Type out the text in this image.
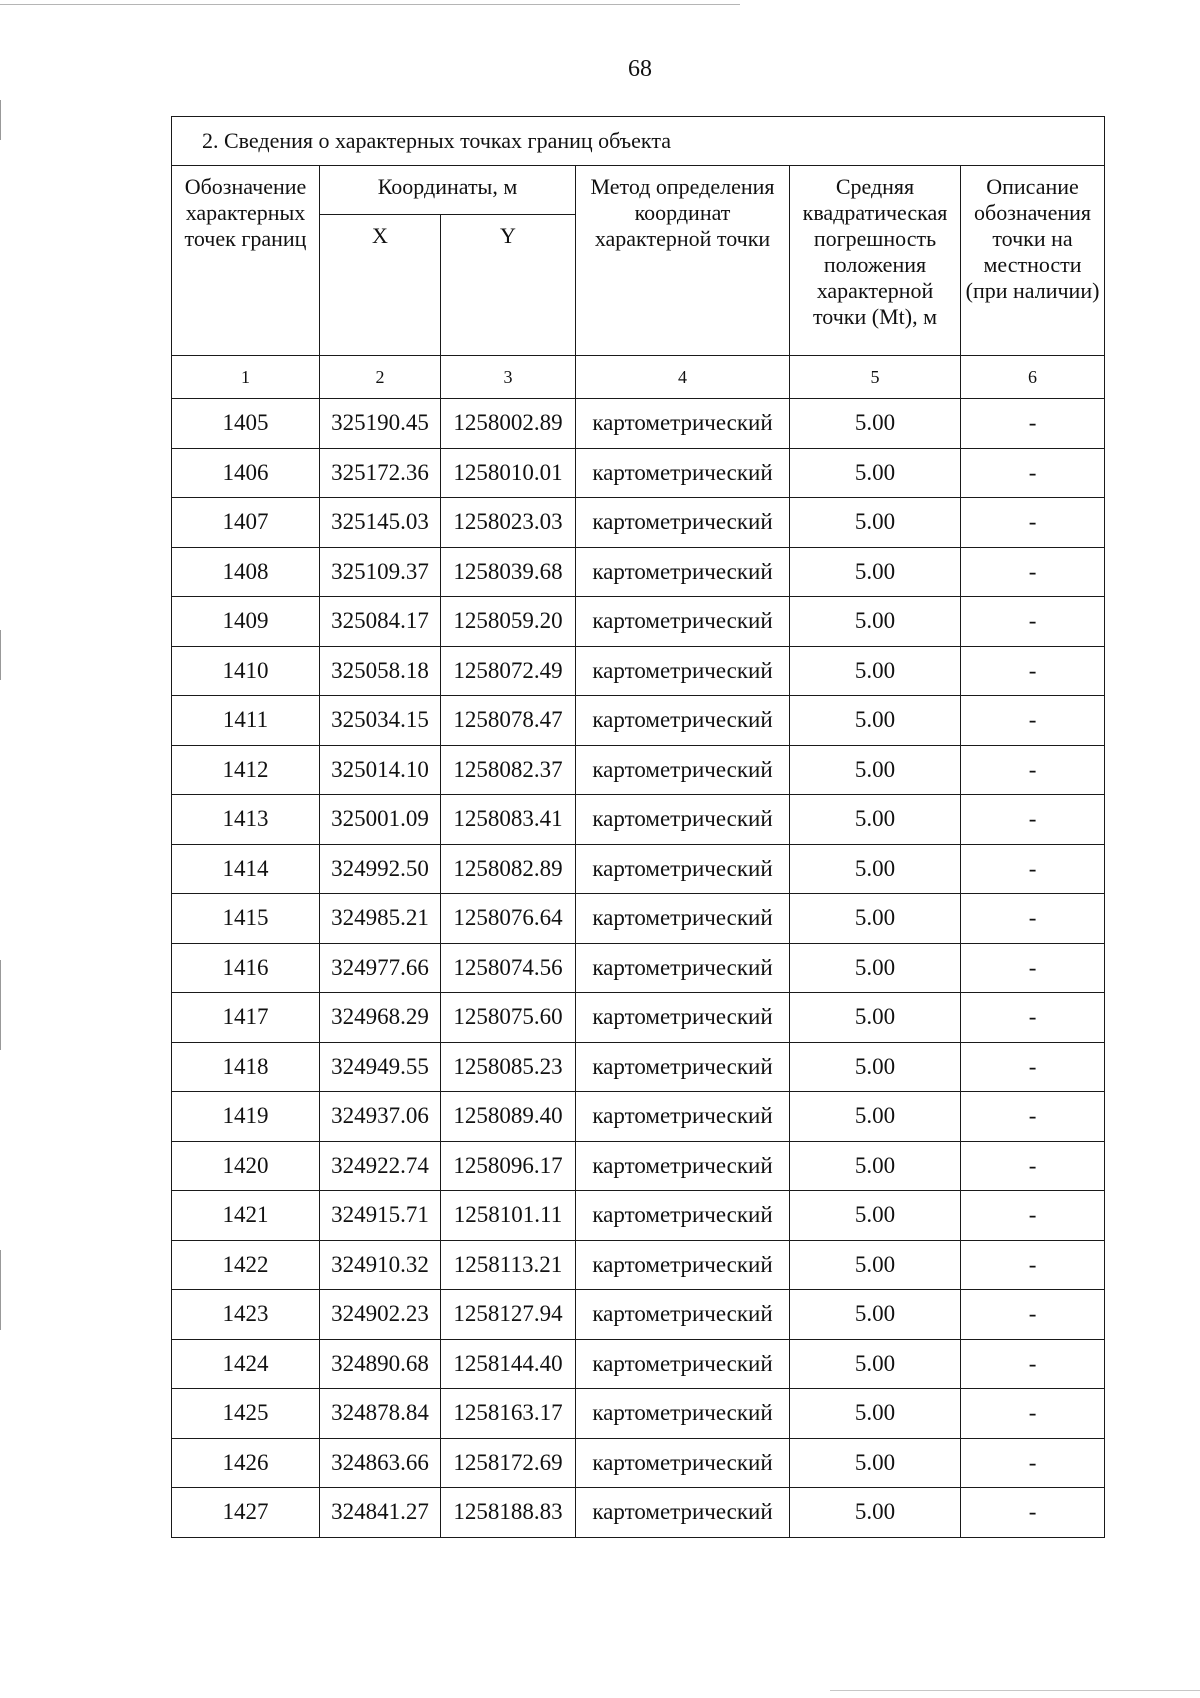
68
2. Сведения о характерных точках границ объекта					
Обозначение характерных точек границ	Координаты, м		Метод определения координат характерной точки	Средняя квадратическая погрешность положения характерной точки (Mt), м	Описание обозначения точки на местности (при наличии)
	X	Y			
1	2	3	4	5	6
1405	325190.45	1258002.89	картометрический	5.00	-
1406	325172.36	1258010.01	картометрический	5.00	-
1407	325145.03	1258023.03	картометрический	5.00	-
1408	325109.37	1258039.68	картометрический	5.00	-
1409	325084.17	1258059.20	картометрический	5.00	-
1410	325058.18	1258072.49	картометрический	5.00	-
1411	325034.15	1258078.47	картометрический	5.00	-
1412	325014.10	1258082.37	картометрический	5.00	-
1413	325001.09	1258083.41	картометрический	5.00	-
1414	324992.50	1258082.89	картометрический	5.00	-
1415	324985.21	1258076.64	картометрический	5.00	-
1416	324977.66	1258074.56	картометрический	5.00	-
1417	324968.29	1258075.60	картометрический	5.00	-
1418	324949.55	1258085.23	картометрический	5.00	-
1419	324937.06	1258089.40	картометрический	5.00	-
1420	324922.74	1258096.17	картометрический	5.00	-
1421	324915.71	1258101.11	картометрический	5.00	-
1422	324910.32	1258113.21	картометрический	5.00	-
1423	324902.23	1258127.94	картометрический	5.00	-
1424	324890.68	1258144.40	картометрический	5.00	-
1425	324878.84	1258163.17	картометрический	5.00	-
1426	324863.66	1258172.69	картометрический	5.00	-
1427	324841.27	1258188.83	картометрический	5.00	-
